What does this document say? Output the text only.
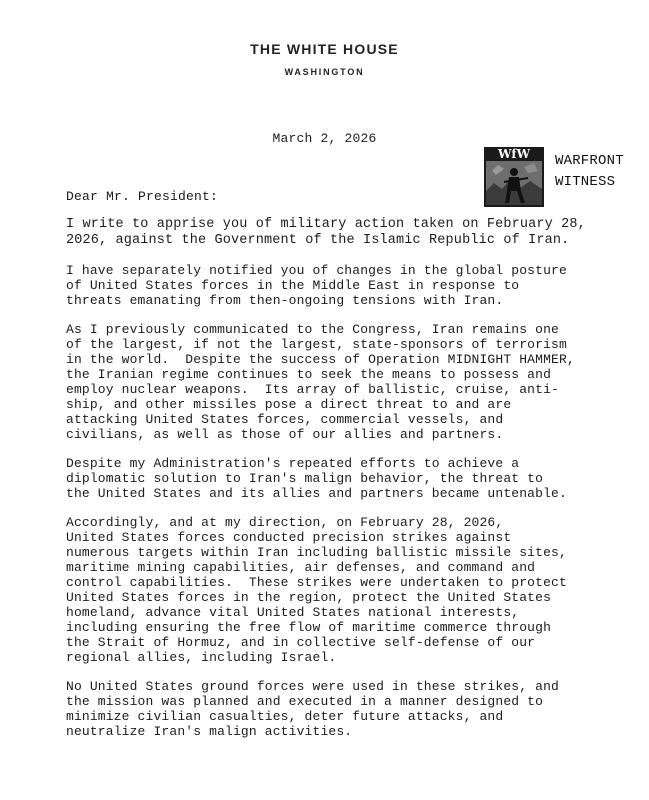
THE WHITE HOUSE
WASHINGTON
March 2, 2026
WfW WARFRONT
WITNESS
Dear Mr. President:
I write to apprise you of military action taken on February 28,
2026, against the Government of the Islamic Republic of Iran.
I have separately notified you of changes in the global posture
of United States forces in the Middle East in response to
threats emanating from then-ongoing tensions with Iran.
As I previously communicated to the Congress, Iran remains one
of the largest, if not the largest, state-sponsors of terrorism
in the world.  Despite the success of Operation MIDNIGHT HAMMER,
the Iranian regime continues to seek the means to possess and
employ nuclear weapons.  Its array of ballistic, cruise, anti-
ship, and other missiles pose a direct threat to and are
attacking United States forces, commercial vessels, and
civilians, as well as those of our allies and partners.
Despite my Administration's repeated efforts to achieve a
diplomatic solution to Iran's malign behavior, the threat to
the United States and its allies and partners became untenable.
Accordingly, and at my direction, on February 28, 2026,
United States forces conducted precision strikes against
numerous targets within Iran including ballistic missile sites,
maritime mining capabilities, air defenses, and command and
control capabilities.  These strikes were undertaken to protect
United States forces in the region, protect the United States
homeland, advance vital United States national interests,
including ensuring the free flow of maritime commerce through
the Strait of Hormuz, and in collective self-defense of our
regional allies, including Israel.
No United States ground forces were used in these strikes, and
the mission was planned and executed in a manner designed to
minimize civilian casualties, deter future attacks, and
neutralize Iran's malign activities.
